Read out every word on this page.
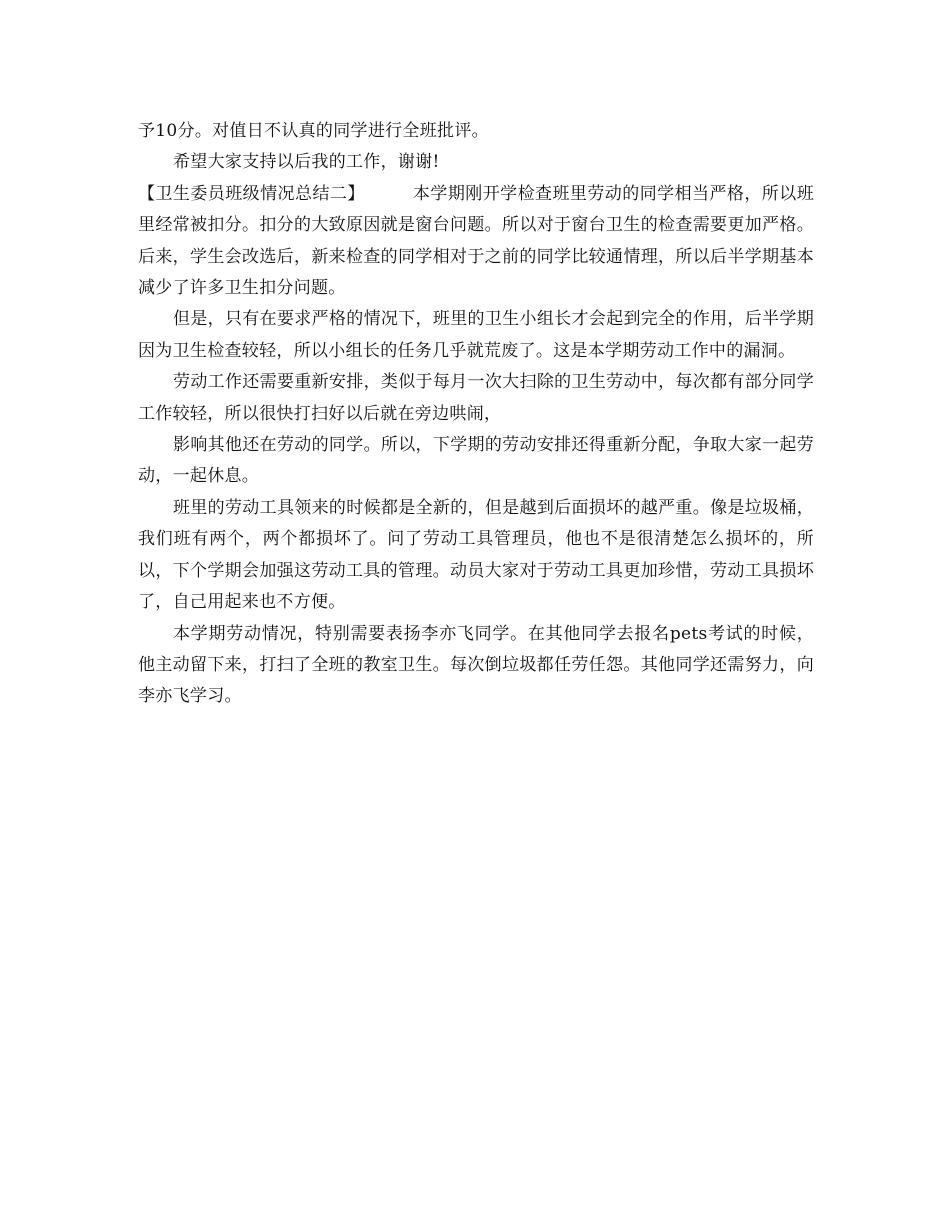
予10分。对值日不认真的同学进行全班批评。

希望大家支持以后我的工作，谢谢!

【卫生委员班级情况总结二】	本学期刚开学检查班里劳动的同学相当严格，所以班里经常被扣分。扣分的大致原因就是窗台问题。所以对于窗台卫生的检查需要更加严格。后来，学生会改选后，新来检查的同学相对于之前的同学比较通情理，所以后半学期基本减少了许多卫生扣分问题。

但是，只有在要求严格的情况下，班里的卫生小组长才会起到完全的作用，后半学期因为卫生检查较轻，所以小组长的任务几乎就荒废了。这是本学期劳动工作中的漏洞。

劳动工作还需要重新安排，类似于每月一次大扫除的卫生劳动中，每次都有部分同学工作较轻，所以很快打扫好以后就在旁边哄闹，

影响其他还在劳动的同学。所以，下学期的劳动安排还得重新分配，争取大家一起劳动，一起休息。

班里的劳动工具领来的时候都是全新的，但是越到后面损坏的越严重。像是垃圾桶，我们班有两个，两个都损坏了。问了劳动工具管理员，他也不是很清楚怎么损坏的，所以，下个学期会加强这劳动工具的管理。动员大家对于劳动工具更加珍惜，劳动工具损坏了，自己用起来也不方便。

本学期劳动情况，特别需要表扬李亦飞同学。在其他同学去报名pets考试的时候，他主动留下来，打扫了全班的教室卫生。每次倒垃圾都任劳任怨。其他同学还需努力，向李亦飞学习。
